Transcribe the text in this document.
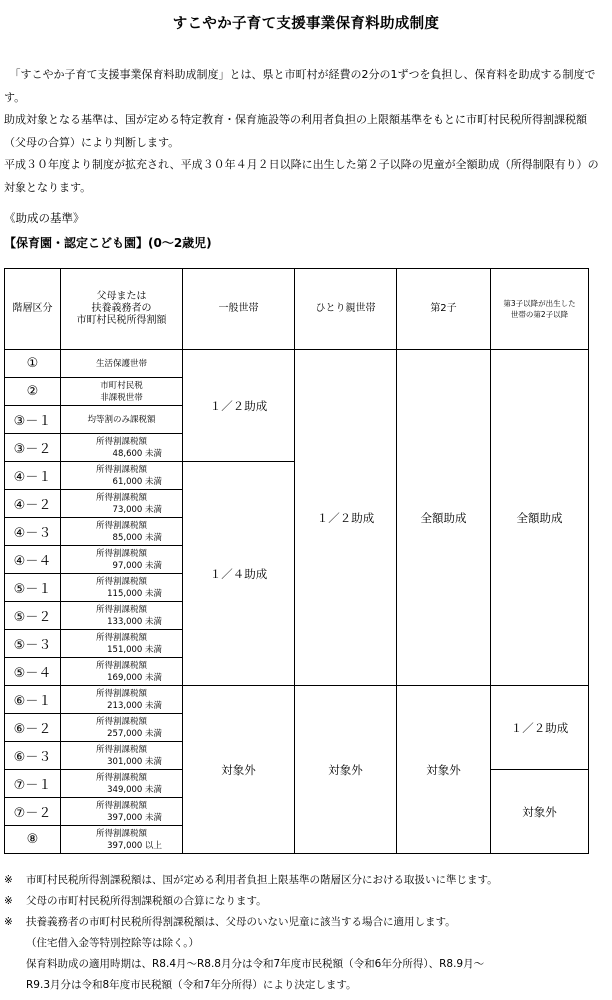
すこやか子育て支援事業保育料助成制度

　「すこやか子育て支援事業保育料助成制度」とは、県と市町村が経費の2分の1ずつを負担し、保育料を助成する制度です。

助成対象となる基準は、国が定める特定教育・保育施設等の利用者負担の上限額基準をもとに市町村民税所得割課税額（父母の合算）により判断します。

平成３０年度より制度が拡充され、平成３０年４月２日以降に出生した第２子以降の児童が全額助成（所得制限有り）の対象となります。

《助成の基準》
【保育園・認定こども園】(0～2歳児)
階層区分	父母または
扶養義務者の
市町村民税所得割額	一般世帯	ひとり親世帯	第2子	第3子以降が出生した
世帯の第2子以降
①	生活保護世帯	１／２助成	１／２助成	全額助成	全額助成
②	市町村民税
非課税世帯				

③－１	均等割のみ課税額				

③－２	所得割課税額
48,600 未満				

④－１	所得割課税額
61,000 未満	１／４助成			
④－２	所得割課税額
73,000 未満				

④－３	所得割課税額
85,000 未満				

④－４	所得割課税額
97,000 未満				

⑤－１	所得割課税額
115,000 未満				

⑤－２	所得割課税額
133,000 未満				

⑤－３	所得割課税額
151,000 未満				

⑤－４	所得割課税額
169,000 未満				

⑥－１	所得割課税額
213,000 未満	対象外	対象外	対象外	１／２助成
⑥－２	所得割課税額
257,000 未満				

⑥－３	所得割課税額
301,000 未満				

⑦－１	所得割課税額
349,000 未満				対象外
⑦－２	所得割課税額
397,000 未満				

⑧	所得割課税額
397,000 以上				
※	市町村民税所得割課税額は、国が定める利用者負担上限基準の階層区分における取扱いに準じます。
※	父母の市町村民税所得割課税額の合算になります。
※	扶養義務者の市町村民税所得割課税額は、父母のいない児童に該当する場合に適用します。
（住宅借入金等特別控除等は除く。）
保育料助成の適用時期は、R8.4月～R8.8月分は令和7年度市民税額（令和6年分所得）、R8.9月～
R9.3月分は令和8年度市民税額（令和7年分所得）により決定します。
